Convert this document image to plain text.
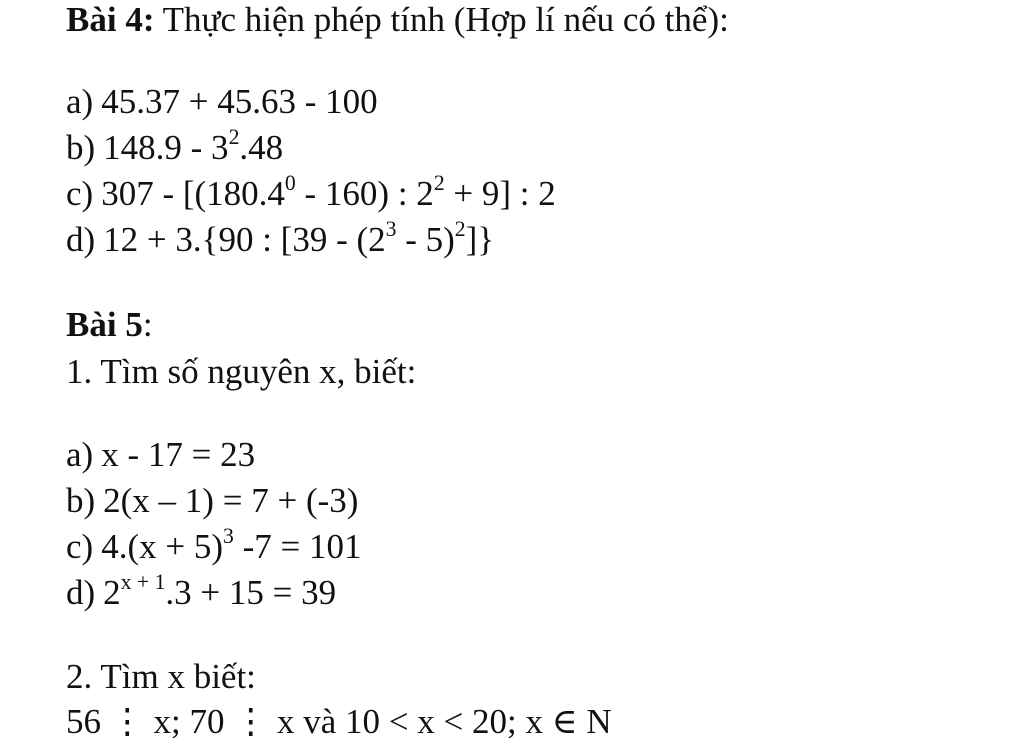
Bài 4: Thực hiện phép tính (Hợp lí nếu có thể):
a) 45.37 + 45.63 - 100
b) $148.9 - 3^2.48$
c) 307 - [(180.4$^0$ - 160) : $2^2 + 9$] : 2
d) 12 + 3.{90 : $[39 - (2^3 - 5)^2]$}
Bài 5:
1. Tìm số nguyên x, biết:
a) x - 17 = 23
b) 2(x – 1) = 7 + (-3)
c) $4.(x + 5)^3$ -7 = 101
d) $2^{x + 1}.3 + 15 = 39$
2. Tìm x biết:
56 ⋮ x; 70 ⋮ x và 10 < x < 20; x ∈ N
